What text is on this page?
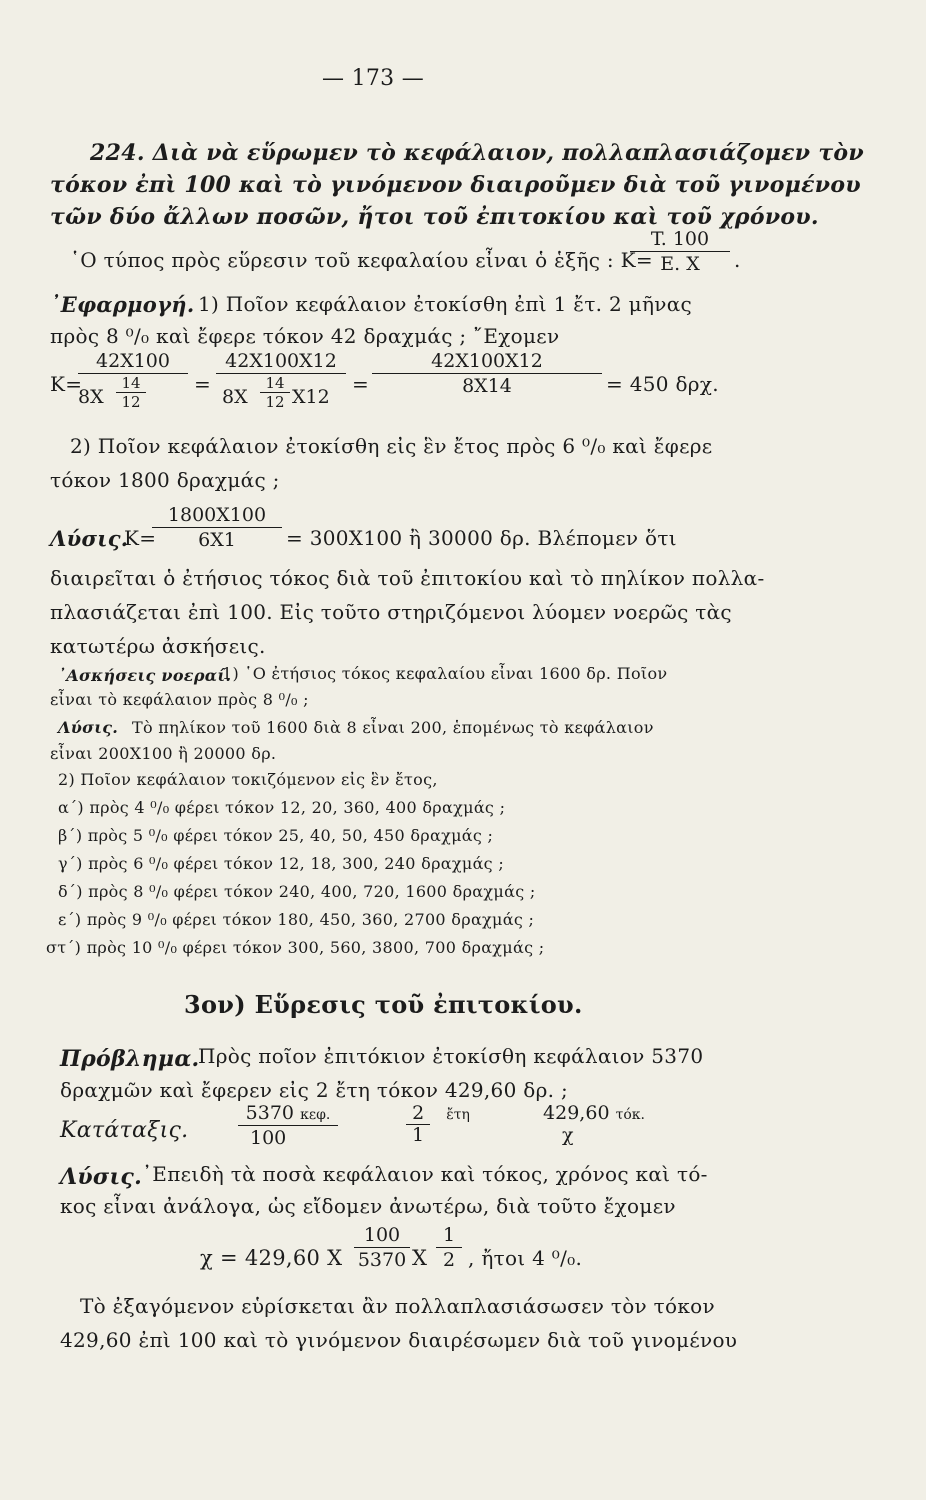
— 173 —
224. Διὰ νὰ εὕρωμεν τὸ κεφάλαιον, πολλαπλασιάζομεν τὸν
τόκον ἐπὶ 100 καὶ τὸ γινόμενον διαιροῦμεν διὰ τοῦ γινομένου
τῶν δύο ἄλλων ποσῶν, ἤτοι τοῦ ἐπιτοκίου καὶ τοῦ χρόνου.
῾Ο τύπος πρὸς εὕρεσιν τοῦ κεφαλαίου εἶναι ὁ ἑξῆς : K=
$\frac{T. 100}{E. X}$ .
᾿Εφαρμογή. 1) Ποῖον κεφάλαιον ἐτοκίσθη ἐπὶ 1 ἔτ. 2 μῆνας
πρὸς 8 ⁰/₀ καὶ ἔφερε τόκον 42 δραχμάς ; ῎Εχομεν
K=
$\frac{42X100}{8X \frac{14}{12}} = \frac{42X100X12}{8X \frac{14}{12} X12} = \frac{42X100X12}{8X14} = 450$ δρχ.
2) Ποῖον κεφάλαιον ἐτοκίσθη εἰς ἓν ἔτος πρὸς 6 ⁰/₀ καὶ ἔφερε
τόκον 1800 δραχμάς ;
Λύσις.
K=
$\frac{1800X100}{6X1} = 300X100$ ἢ 30000 δρ. Βλέπομεν ὅτι
διαιρεῖται ὁ ἐτήσιος τόκος διὰ τοῦ ἐπιτοκίου καὶ τὸ πηλίκον πολλα-
πλασιάζεται ἐπὶ 100. Εἰς τοῦτο στηριζόμενοι λύομεν νοερῶς τὰς
κατωτέρω ἀσκήσεις.
᾿Ασκήσεις νοεραί.
1) ῾Ο ἐτήσιος τόκος κεφαλαίου εἶναι 1600 δρ. Ποῖον
εἶναι τὸ κεφάλαιον πρὸς 8 ⁰/₀ ;
Λύσις. Τὸ πηλίκον τοῦ 1600 διὰ 8 εἶναι 200, ἑπομένως τὸ κεφάλαιον
εἶναι 200X100 ἢ 20000 δρ.
2) Ποῖον κεφάλαιον τοκιζόμενον εἰς ἓν ἔτος,
α΄) πρὸς 4 ⁰/₀ φέρει τόκον 12, 20, 360, 400 δραχμάς ;
β΄) πρὸς 5 ⁰/₀ φέρει τόκον 25, 40, 50, 450 δραχμάς ;
γ΄) πρὸς 6 ⁰/₀ φέρει τόκον 12, 18, 300, 240 δραχμάς ;
δ΄) πρὸς 8 ⁰/₀ φέρει τόκον 240, 400, 720, 1600 δραχμάς ;
ε΄) πρὸς 9 ⁰/₀ φέρει τόκον 180, 450, 360, 2700 δραχμάς ;
στ΄) πρὸς 10 ⁰/₀ φέρει τόκον 300, 560, 3800, 700 δραχμάς ;
3ον) Εὕρεσις τοῦ ἐπιτοκίου.
Πρόβλημα.
Πρὸς ποῖον ἐπιτόκιον ἐτοκίσθη κεφάλαιον 5370
δραχμῶν καὶ ἔφερεν εἰς 2 ἔτη τόκον 429,60 δρ. ;
Κατάταξις.
5370 κεφ.
100
2 ἔτη
1
429,60 τόκ.
χ
Λύσις. ᾿Επειδὴ τὰ ποσὰ κεφάλαιον καὶ τόκος, χρόνος καὶ τό-
κος εἶναι ἀνάλογα, ὡς εἴδομεν ἀνωτέρω, διὰ τοῦτο ἔχομεν
χ = 429,60 X $\frac{100}{5370}$ X $\frac{1}{2}$ , ἤτοι 4 ⁰/₀.
Τὸ ἐξαγόμενον εὑρίσκεται ἂν πολλαπλασιάσωσεν τὸν τόκον
429,60 ἐπὶ 100 καὶ τὸ γινόμενον διαιρέσωμεν διὰ τοῦ γινομένου
